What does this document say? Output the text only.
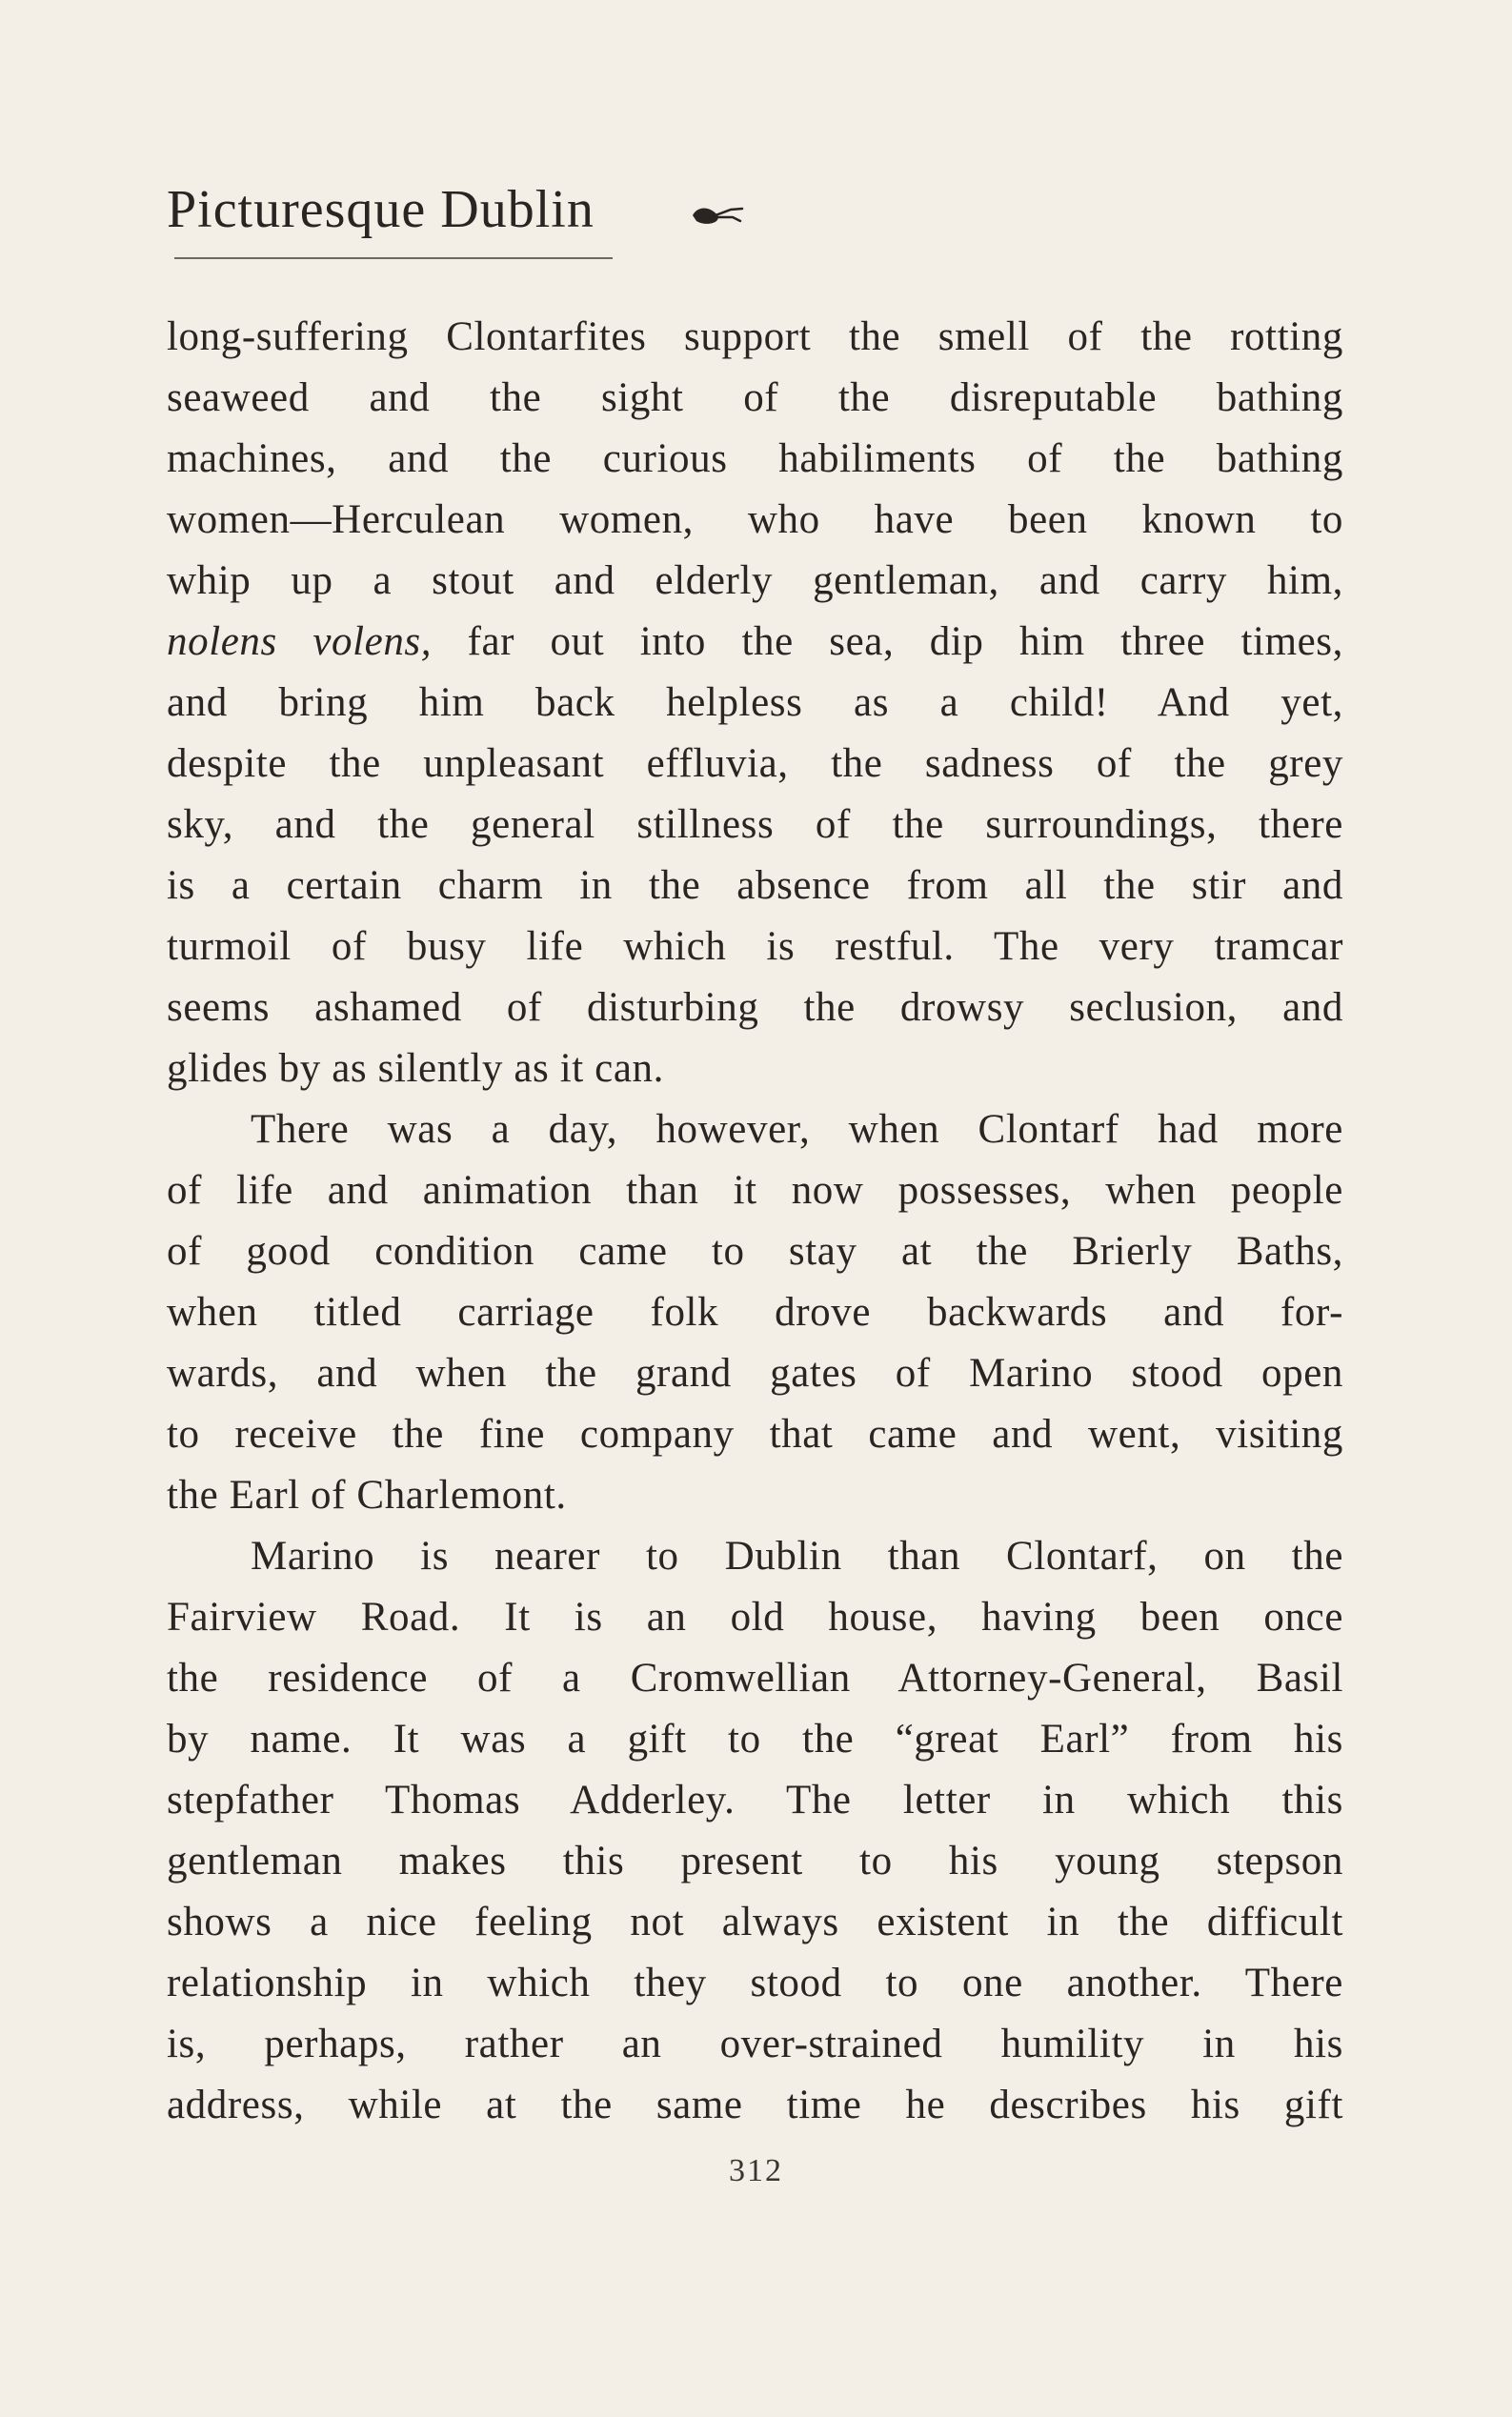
Picturesque Dublin
long-suffering Clontarfites support the smell of the rotting
seaweed and the sight of the disreputable bathing
machines, and the curious habiliments of the bathing
women—Herculean women, who have been known to
whip up a stout and elderly gentleman, and carry him,
nolens volens, far out into the sea, dip him three times,
and bring him back helpless as a child! And yet,
despite the unpleasant effluvia, the sadness of the grey
sky, and the general stillness of the surroundings, there
is a certain charm in the absence from all the stir and
turmoil of busy life which is restful. The very tramcar
seems ashamed of disturbing the drowsy seclusion, and
glides by as silently as it can.
There was a day, however, when Clontarf had more
of life and animation than it now possesses, when people
of good condition came to stay at the Brierly Baths,
when titled carriage folk drove backwards and for-
wards, and when the grand gates of Marino stood open
to receive the fine company that came and went, visiting
the Earl of Charlemont.
Marino is nearer to Dublin than Clontarf, on the
Fairview Road. It is an old house, having been once
the residence of a Cromwellian Attorney-General, Basil
by name. It was a gift to the “great Earl” from his
stepfather Thomas Adderley. The letter in which this
gentleman makes this present to his young stepson
shows a nice feeling not always existent in the difficult
relationship in which they stood to one another. There
is, perhaps, rather an over-strained humility in his
address, while at the same time he describes his gift
312
